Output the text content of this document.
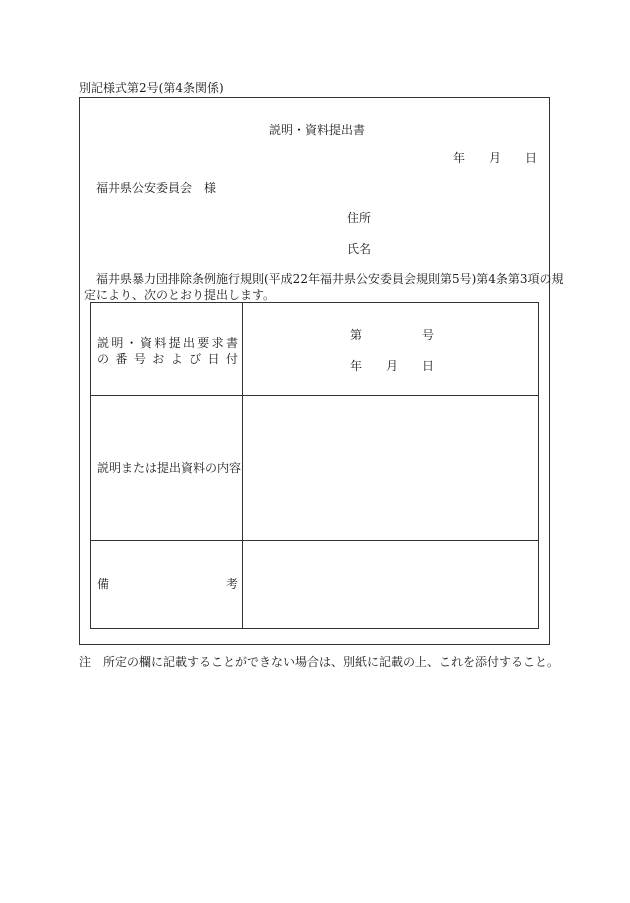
別記様式第2号(第4条関係)
説明・資料提出書
年 月 日
福井県公安委員会　様
住所
氏名
福井県暴力団排除条例施行規則(平成22年福井県公安委員会規則第5号)第4条第3項の規
定により、次のとおり提出します。
説 明 ・ 資 料 提 出 要 求 書
の 番 号 お よ び 日 付
第	号
年 月 日
説明または提出資料の内容
備	考
注　所定の欄に記載することができない場合は、別紙に記載の上、これを添付すること。
